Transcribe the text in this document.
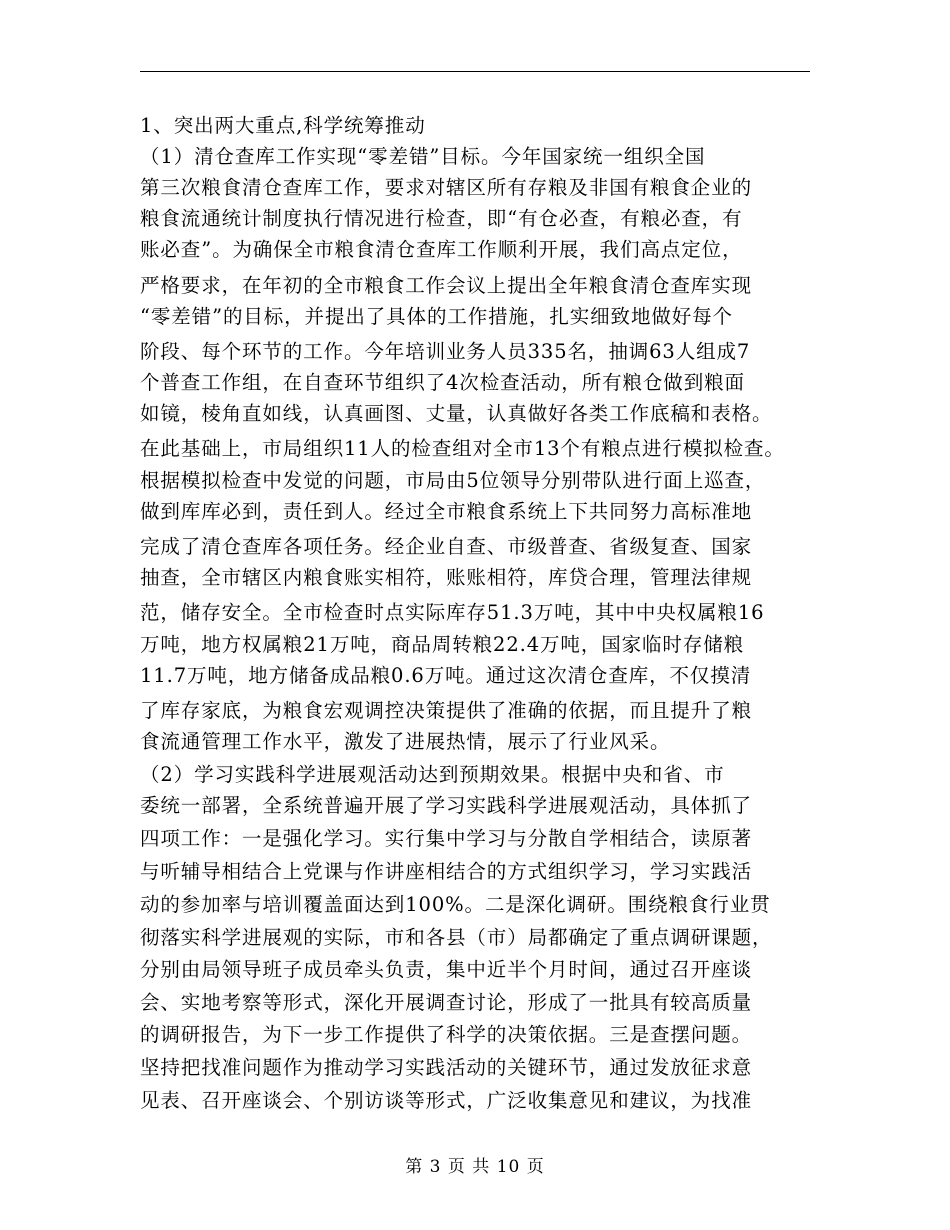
1、突出两大重点,科学统筹推动
（1）清仓查库工作实现“零差错”目标。今年国家统一组织全国
第三次粮食清仓查库工作，要求对辖区所有存粮及非国有粮食企业的
粮食流通统计制度执行情况进行检查，即“有仓必查，有粮必查，有
账必查”。为确保全市粮食清仓查库工作顺利开展，我们高点定位，
严格要求，在年初的全市粮食工作会议上提出全年粮食清仓查库实现
“零差错”的目标，并提出了具体的工作措施，扎实细致地做好每个
阶段、每个环节的工作。今年培训业务人员335名，抽调63人组成7
个普查工作组，在自查环节组织了4次检查活动，所有粮仓做到粮面
如镜，棱角直如线，认真画图、丈量，认真做好各类工作底稿和表格。
在此基础上，市局组织11人的检查组对全市13个有粮点进行模拟检查。
根据模拟检查中发觉的问题，市局由5位领导分别带队进行面上巡查，
做到库库必到，责任到人。经过全市粮食系统上下共同努力高标准地
完成了清仓查库各项任务。经企业自查、市级普查、省级复查、国家
抽查，全市辖区内粮食账实相符，账账相符，库贷合理，管理法律规
范，储存安全。全市检查时点实际库存51.3万吨，其中中央权属粮16
万吨，地方权属粮21万吨，商品周转粮22.4万吨，国家临时存储粮
11.7万吨，地方储备成品粮0.6万吨。通过这次清仓查库，不仅摸清
了库存家底，为粮食宏观调控决策提供了准确的依据，而且提升了粮
食流通管理工作水平，激发了进展热情，展示了行业风采。
（2）学习实践科学进展观活动达到预期效果。根据中央和省、市
委统一部署，全系统普遍开展了学习实践科学进展观活动，具体抓了
四项工作：一是强化学习。实行集中学习与分散自学相结合，读原著
与听辅导相结合上党课与作讲座相结合的方式组织学习，学习实践活
动的参加率与培训覆盖面达到100%。二是深化调研。围绕粮食行业贯
彻落实科学进展观的实际，市和各县（市）局都确定了重点调研课题，
分别由局领导班子成员牵头负责，集中近半个月时间，通过召开座谈
会、实地考察等形式，深化开展调查讨论，形成了一批具有较高质量
的调研报告，为下一步工作提供了科学的决策依据。三是查摆问题。
坚持把找准问题作为推动学习实践活动的关键环节，通过发放征求意
见表、召开座谈会、个别访谈等形式，广泛收集意见和建议，为找准
第 3 页 共 10 页
